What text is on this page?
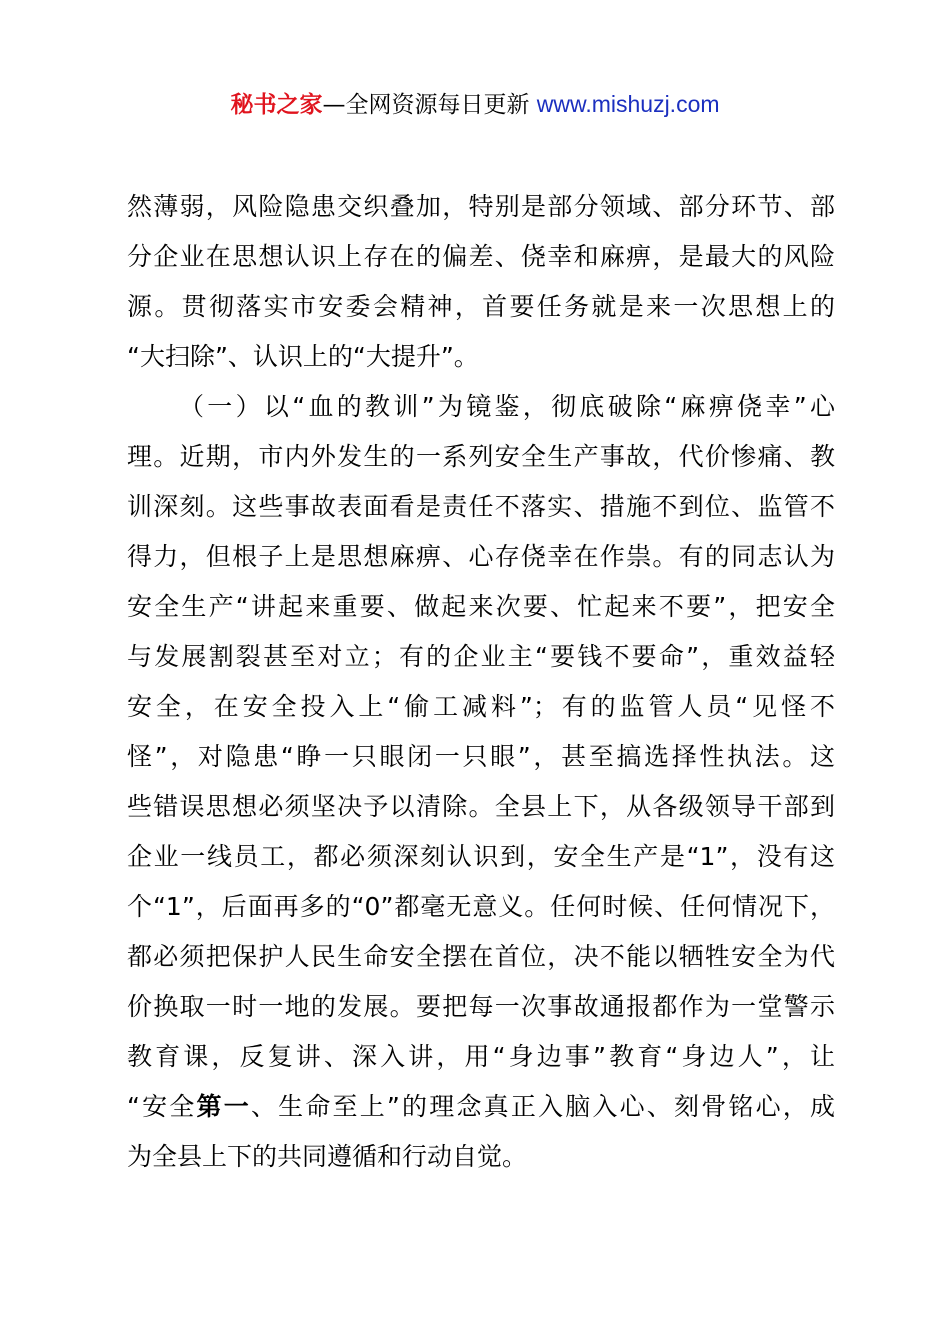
秘书之家—全网资源每日更新 www.mishuzj.com
然薄弱，风险隐患交织叠加，特别是部分领域、部分环节、部
分企业在思想认识上存在的偏差、侥幸和麻痹，是最大的风险
源。贯彻落实市安委会精神，首要任务就是来一次思想上的
“大扫除”、认识上的“大提升”。
（一）以“血的教训”为镜鉴，彻底破除“麻痹侥幸”心
理。近期，市内外发生的一系列安全生产事故，代价惨痛、教
训深刻。这些事故表面看是责任不落实、措施不到位、监管不
得力，但根子上是思想麻痹、心存侥幸在作祟。有的同志认为
安全生产“讲起来重要、做起来次要、忙起来不要”，把安全
与发展割裂甚至对立；有的企业主“要钱不要命”，重效益轻
安全，在安全投入上“偷工减料”；有的监管人员“见怪不
怪”，对隐患“睁一只眼闭一只眼”，甚至搞选择性执法。这
些错误思想必须坚决予以清除。全县上下，从各级领导干部到
企业一线员工，都必须深刻认识到，安全生产是“1”，没有这
个“1”，后面再多的“0”都毫无意义。任何时候、任何情况下，
都必须把保护人民生命安全摆在首位，决不能以牺牲安全为代
价换取一时一地的发展。要把每一次事故通报都作为一堂警示
教育课，反复讲、深入讲，用“身边事”教育“身边人”，让
“安全第一、生命至上”的理念真正入脑入心、刻骨铭心，成
为全县上下的共同遵循和行动自觉。
